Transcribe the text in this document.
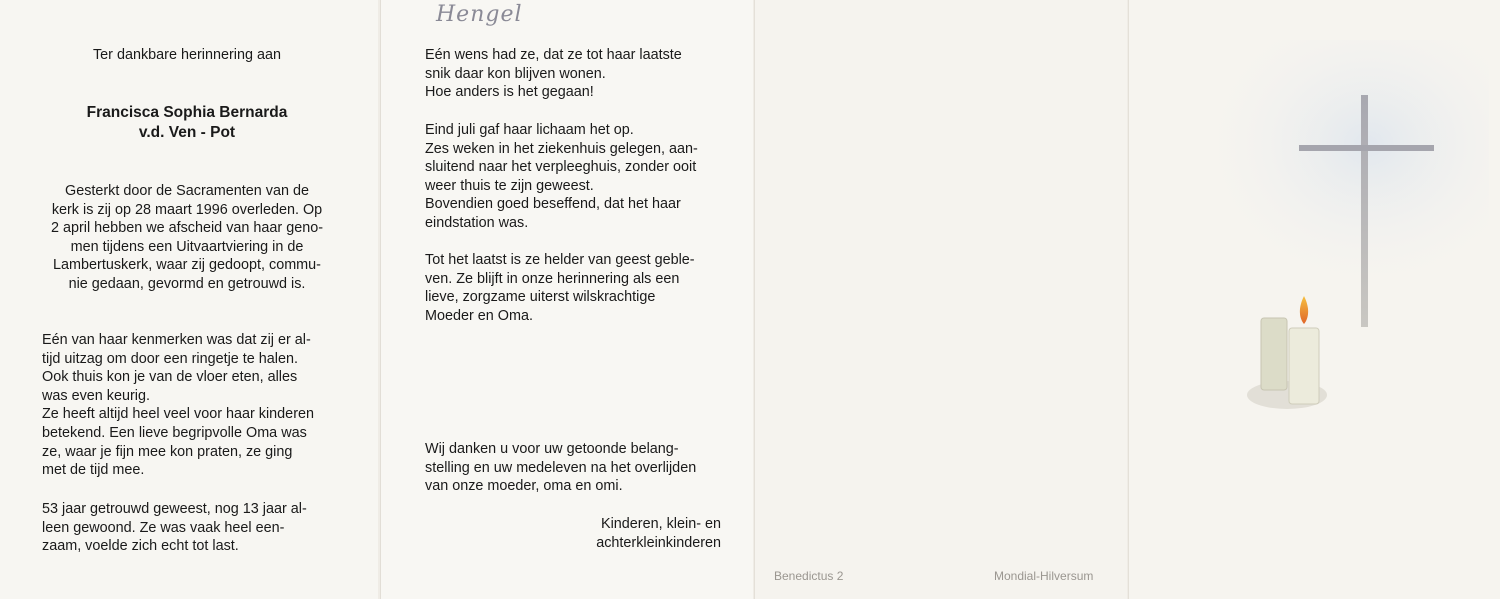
Ter dankbare herinnering aan

Francisca Sophia Bernarda
v.d. Ven - Pot
Gesterkt door de Sacramenten van de
kerk is zij op 28 maart 1996 overleden. Op
2 april hebben we afscheid van haar geno-
men tijdens een Uitvaartviering in de
Lambertuskerk, waar zij gedoopt, commu-
nie gedaan, gevormd en getrouwd is.
Eén van haar kenmerken was dat zij er al-
tijd uitzag om door een ringetje te halen.
Ook thuis kon je van de vloer eten, alles
was even keurig.
Ze heeft altijd heel veel voor haar kinderen
betekend. Een lieve begripvolle Oma was
ze, waar je fijn mee kon praten, ze ging
met de tijd mee.
53 jaar getrouwd geweest, nog 13 jaar al-
leen gewoond. Ze was vaak heel een-
zaam, voelde zich echt tot last.
Hengel
Eén wens had ze, dat ze tot haar laatste
snik daar kon blijven wonen.
Hoe anders is het gegaan!
Eind juli gaf haar lichaam het op.
Zes weken in het ziekenhuis gelegen, aan-
sluitend naar het verpleeghuis, zonder ooit
weer thuis te zijn geweest.
Bovendien goed beseffend, dat het haar
eindstation was.
Tot het laatst is ze helder van geest geble-
ven. Ze blijft in onze herinnering als een
lieve, zorgzame uiterst wilskrachtige
Moeder en Oma.
Wij danken u voor uw getoonde belang-
stelling en uw medeleven na het overlijden
van onze moeder, oma en omi.
Kinderen, klein- en
achterkleinkinderen
Benedictus 2	Mondial-Hilversum
